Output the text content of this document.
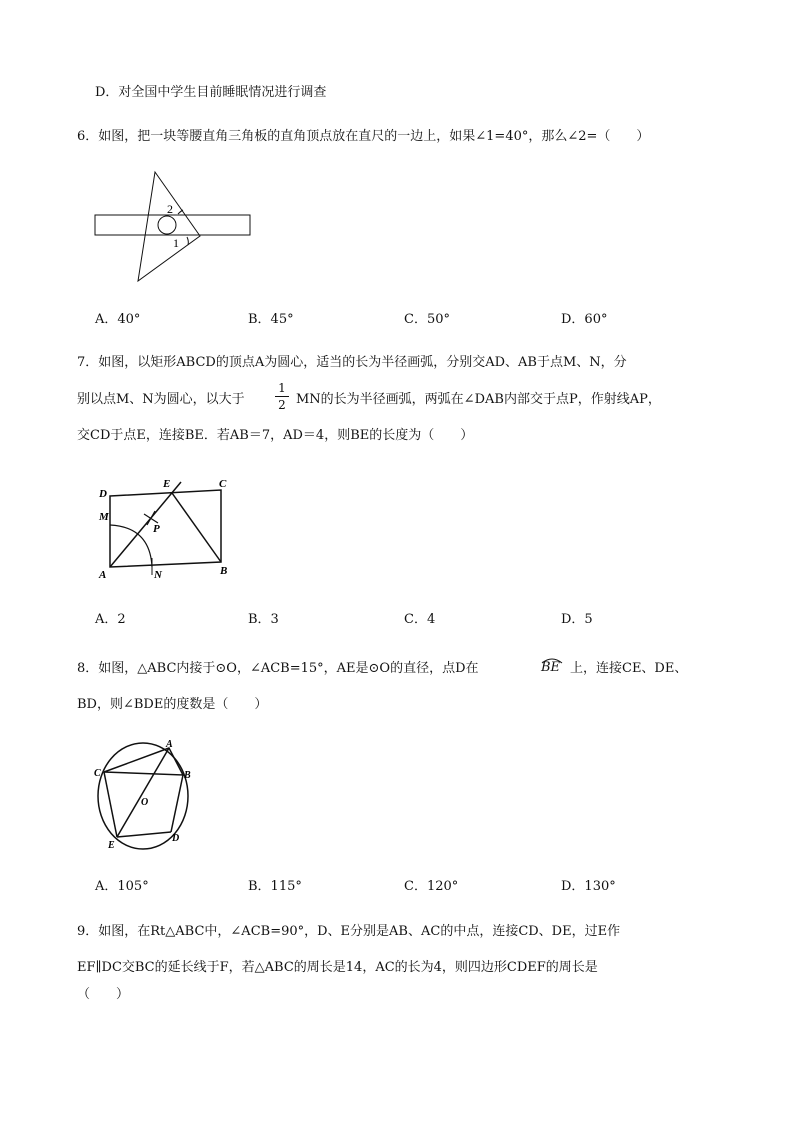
D．对全国中学生目前睡眠情况进行调查
6．如图，把一块等腰直角三角板的直角顶点放在直尺的一边上，如果∠1=40°，那么∠2=（　　）
2
1
A．40°	B．45°	C．50°	D．60°
7．如图，以矩形ABCD的顶点A为圆心，适当的长为半径画弧，分别交AD、AB于点M、N，分
别以点M、N为圆心，以大于
1
2 MN的长为半径画弧，两弧在∠DAB内部交于点P，作射线AP，
交CD于点E，连接BE．若AB＝7，AD＝4，则BE的长度为（　　）
D
E	C
M
P
A	N	B
A．2	B．3	C．4	D．5
8．如图，△ABC内接于⊙O，∠ACB=15°，AE是⊙O的直径，点D在	BE 上，连接CE、DE、
BD，则∠BDE的度数是（　　）
A
C	B
O
E
D
A．105°	B．115°	C．120°	D．130°
9．如图，在Rt△ABC中，∠ACB=90°，D、E分别是AB、AC的中点，连接CD、DE，过E作
EF∥DC交BC的延长线于F，若△ABC的周长是14，AC的长为4，则四边形CDEF的周长是
（　　）
